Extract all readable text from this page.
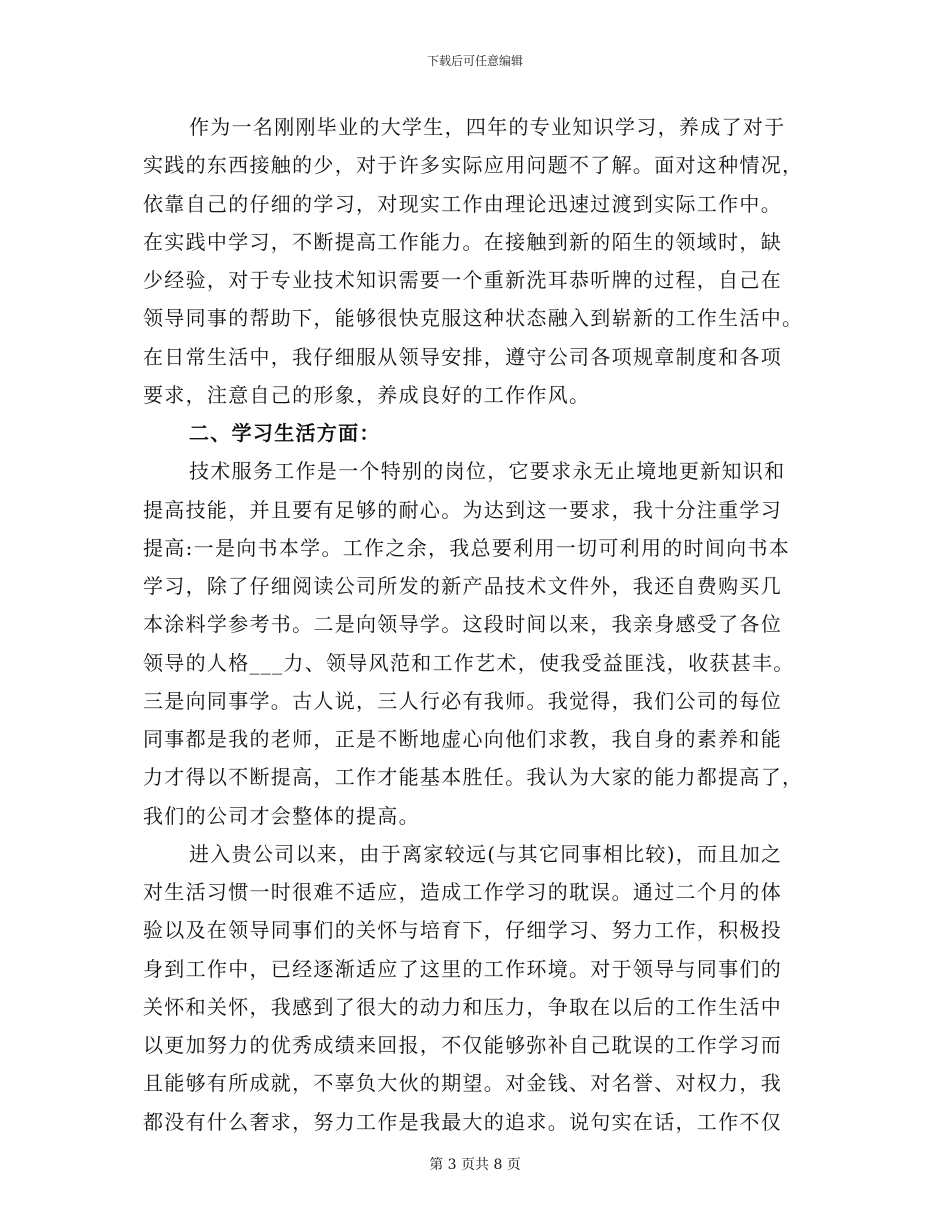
下载后可任意编辑
作为一名刚刚毕业的大学生，四年的专业知识学习，养成了对于
实践的东西接触的少，对于许多实际应用问题不了解。面对这种情况，
依靠自己的仔细的学习，对现实工作由理论迅速过渡到实际工作中。
在实践中学习，不断提高工作能力。在接触到新的陌生的领域时，缺
少经验，对于专业技术知识需要一个重新洗耳恭听牌的过程，自己在
领导同事的帮助下，能够很快克服这种状态融入到崭新的工作生活中。
在日常生活中，我仔细服从领导安排，遵守公司各项规章制度和各项
要求，注意自己的形象，养成良好的工作作风。
二、学习生活方面：
技术服务工作是一个特别的岗位，它要求永无止境地更新知识和
提高技能，并且要有足够的耐心。为达到这一要求，我十分注重学习
提高:一是向书本学。工作之余，我总要利用一切可利用的时间向书本
学习，除了仔细阅读公司所发的新产品技术文件外，我还自费购买几
本涂料学参考书。二是向领导学。这段时间以来，我亲身感受了各位
领导的人格___力、领导风范和工作艺术，使我受益匪浅，收获甚丰。
三是向同事学。古人说，三人行必有我师。我觉得，我们公司的每位
同事都是我的老师，正是不断地虚心向他们求教，我自身的素养和能
力才得以不断提高，工作才能基本胜任。我认为大家的能力都提高了，
我们的公司才会整体的提高。
进入贵公司以来，由于离家较远(与其它同事相比较)，而且加之
对生活习惯一时很难不适应，造成工作学习的耽误。通过二个月的体
验以及在领导同事们的关怀与培育下，仔细学习、努力工作，积极投
身到工作中，已经逐渐适应了这里的工作环境。对于领导与同事们的
关怀和关怀，我感到了很大的动力和压力，争取在以后的工作生活中
以更加努力的优秀成绩来回报，不仅能够弥补自己耽误的工作学习而
且能够有所成就，不辜负大伙的期望。对金钱、对名誉、对权力，我
都没有什么奢求，努力工作是我最大的追求。说句实在话，工作不仅
第 3 页共 8 页
